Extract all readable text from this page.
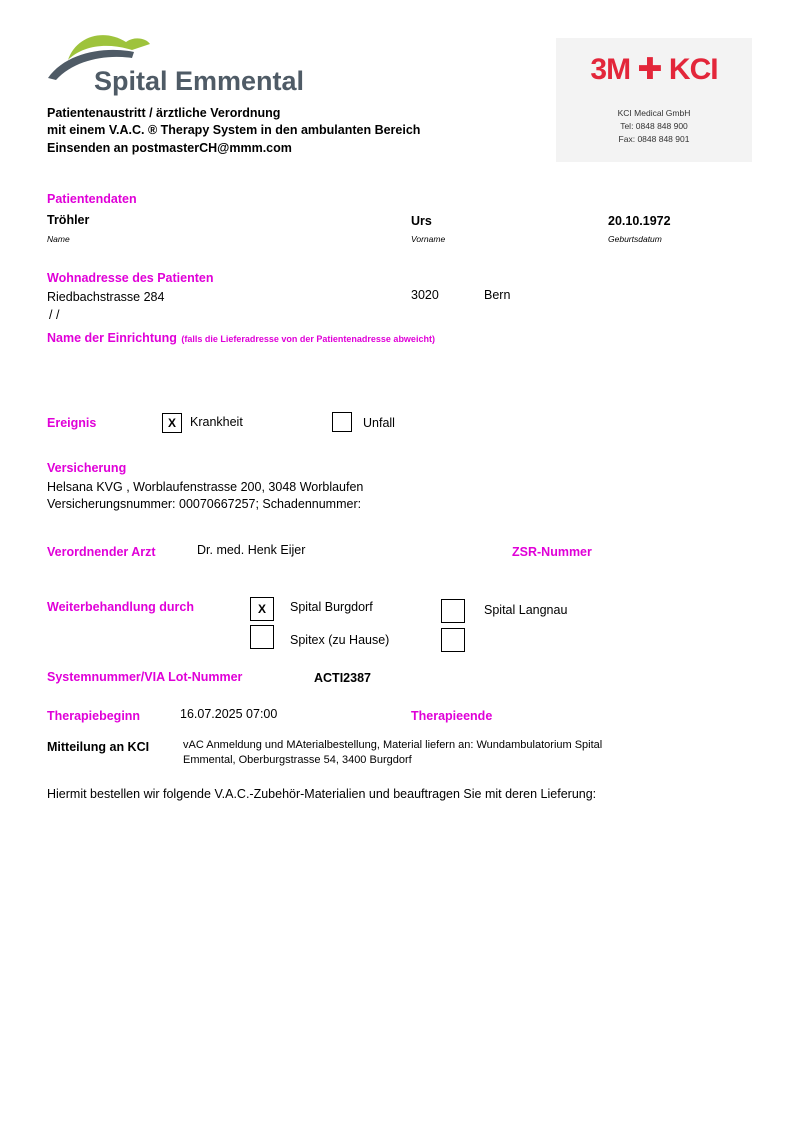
Spital Emmental	3M ✚ KCI
KCI Medical GmbH
Tel: 0848 848 900
Fax: 0848 848 901
Patientenaustritt / ärztliche Verordnung
mit einem V.A.C. ® Therapy System in den ambulanten Bereich
Einsenden an postmasterCH@mmm.com
Patientendaten
Tröhler	Urs	20.10.1972
Name	Vorname	Geburtsdatum
Wohnadresse des Patienten
Riedbachstrasse 284	3020	Bern
/ /
Name der Einrichtung (falls die Lieferadresse von der Patientenadresse abweicht)
Ereignis	X	Krankheit	Unfall
Versicherung
Helsana KVG , Worblaufenstrasse 200, 3048 Worblaufen
Versicherungsnummer: 00070667257; Schadennummer:
Verordnender Arzt	Dr. med. Henk Eijer	ZSR-Nummer
Weiterbehandlung durch	X	Spital Burgdorf	Spital Langnau
Spitex (zu Hause)
Systemnummer/VIA Lot-Nummer	ACTI2387
Therapiebeginn	16.07.2025 07:00	Therapieende
Mitteilung an KCI	vAC Anmeldung und MAterialbestellung, Material liefern an: Wundambulatorium Spital
Emmental, Oberburgstrasse 54, 3400 Burgdorf
Hiermit bestellen wir folgende V.A.C.-Zubehör-Materialien und beauftragen Sie mit deren Lieferung:
